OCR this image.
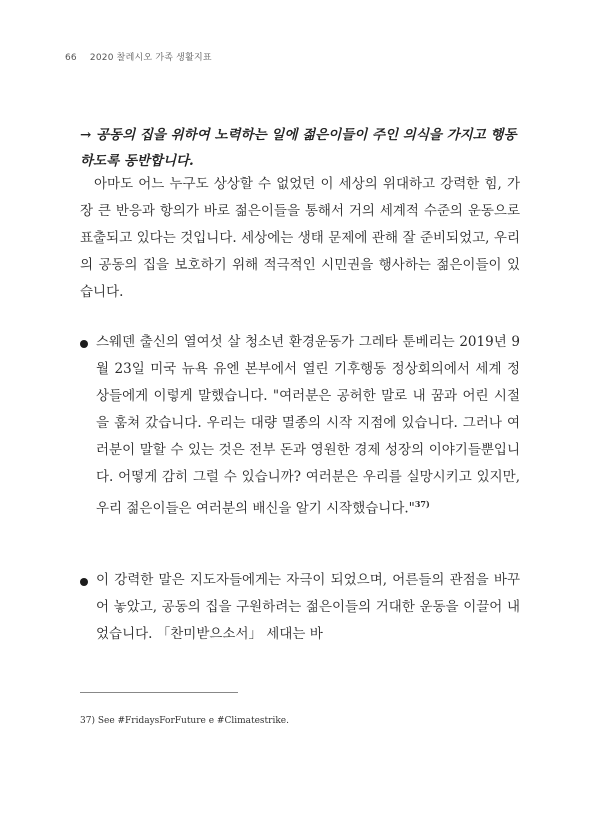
66 2020 찰레시오 가족 생활지표
→ 공동의 집을 위하여 노력하는 일에 젊은이들이 주인 의식을 가지고 행동하도록 동반합니다.
아마도 어느 누구도 상상할 수 없었던 이 세상의 위대하고 강력한 힘, 가장 큰 반응과 항의가 바로 젊은이들을 통해서 거의 세계적 수준의 운동으로 표출되고 있다는 것입니다. 세상에는 생태 문제에 관해 잘 준비되었고, 우리의 공동의 집을 보호하기 위해 적극적인 시민권을 행사하는 젊은이들이 있습니다.
스웨덴 출신의 열여섯 살 청소년 환경운동가 그레타 툰베리는 2019년 9월 23일 미국 뉴욕 유엔 본부에서 열린 기후행동 정상회의에서 세계 정상들에게 이렇게 말했습니다. "여러분은 공허한 말로 내 꿈과 어린 시절을 훔쳐 갔습니다. 우리는 대량 멸종의 시작 지점에 있습니다. 그러나 여러분이 말할 수 있는 것은 전부 돈과 영원한 경제 성장의 이야기들뿐입니다. 어떻게 감히 그럴 수 있습니까? 여러분은 우리를 실망시키고 있지만, 우리 젊은이들은 여러분의 배신을 알기 시작했습니다."$^{37)}$
이 강력한 말은 지도자들에게는 자극이 되었으며, 어른들의 관점을 바꾸어 놓았고, 공동의 집을 구원하려는 젊은이들의 거대한 운동을 이끌어 내었습니다. 「찬미받으소서」 세대는 바
37) See #FridaysForFuture e #Climatestrike.
